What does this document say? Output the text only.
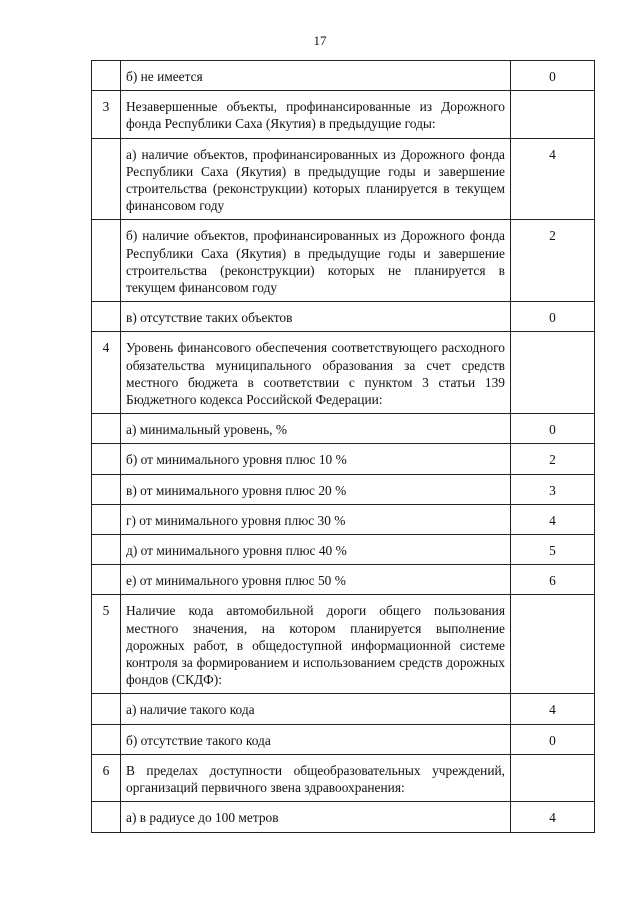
17
	б) не имеется	0
3	Незавершенные объекты, профинансированные из Дорожного фонда Республики Саха (Якутия) в предыдущие годы:	
	а) наличие объектов, профинансированных из Дорожного фонда Республики Саха (Якутия) в предыдущие годы и завершение строительства (реконструкции) которых планируется в текущем финансовом году	4
	б) наличие объектов, профинансированных из Дорожного фонда Республики Саха (Якутия) в предыдущие годы и завершение строительства (реконструкции) которых не планируется в текущем финансовом году	2
	в) отсутствие таких объектов	0
4	Уровень финансового обеспечения соответствующего расходного обязательства муниципального образования за счет средств местного бюджета в соответствии с пунктом 3 статьи 139 Бюджетного кодекса Российской Федерации:	
	а) минимальный уровень, %	0
	б) от минимального уровня плюс 10 %	2
	в) от минимального уровня плюс 20 %	3
	г) от минимального уровня плюс 30 %	4
	д) от минимального уровня плюс 40 %	5
	е) от минимального уровня плюс 50 %	6
5	Наличие кода автомобильной дороги общего пользования местного значения, на котором планируется выполнение дорожных работ, в общедоступной информационной системе контроля за формированием и использованием средств дорожных фондов (СКДФ):	
	а) наличие такого кода	4
	б) отсутствие такого кода	0
6	В пределах доступности общеобразовательных учреждений, организаций первичного звена здравоохранения:	
	а) в радиусе до 100 метров	4
